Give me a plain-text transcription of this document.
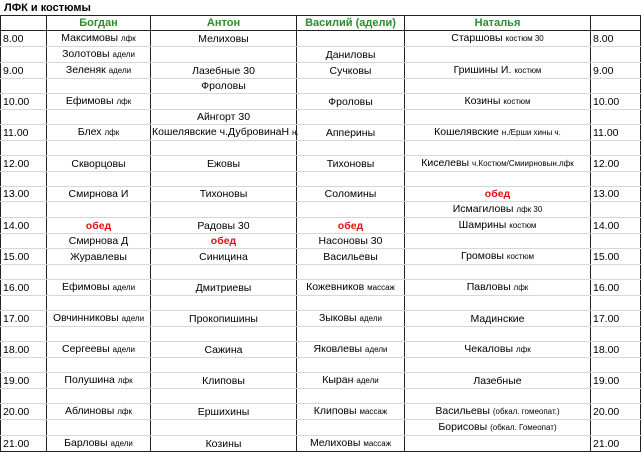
ЛФК и костюмы
	Богдан	Антон	Василий (адели)	Наталья	
8.00	Максимовы лфк	Мелиховы		Старшовы костюм 30	8.00
	Золотовы адели		Даниловы		
9.00	Зеленяк адели	Лазебные 30	Сучковы	Гришины И. костюм	9.00
		Фроловы			
10.00	Ефимовы лфк		Фроловы	Козины костюм	10.00
		Айнгорт 30			
11.00	Блех лфк	Кошелявские ч.ДубровинаН н.	Апперины	Кошелявские н./Ерши хины ч.	11.00

12.00	Скворцовы	Ежовы	Тихоновы	Киселевы ч.Костюм/Смиирновын.лфк	12.00

13.00	Смирнова И	Тихоновы	Соломины	обед	13.00
				Исмагиловы лфк 30	
14.00	обед	Радовы 30	обед	Шамрины костюм	14.00
	Смирнова Д	обед	Насоновы 30		
15.00	Журавлевы	Синицина	Васильевы	Громовы костюм	15.00

16.00	Ефимовы адели	Дмитриевы	Кожевников массаж	Павловы лфк	16.00

17.00	Овчинниковы адели	Прокопишины	Зыковы адели	Мадинские	17.00

18.00	Сергеевы адели	Сажина	Яковлевы адели	Чекаловы лфк	18.00

19.00	Полушина лфк	Клиповы	Кыран адели	Лазебные	19.00

20.00	Аблиновы лфк	Ершихины	Клиповы массаж	Васильевы (обкал. гомеопат.)	20.00
				Борисовы (обкал. Гомеопат)	
21.00	Барловы адели	Козины	Мелиховы массаж		21.00
